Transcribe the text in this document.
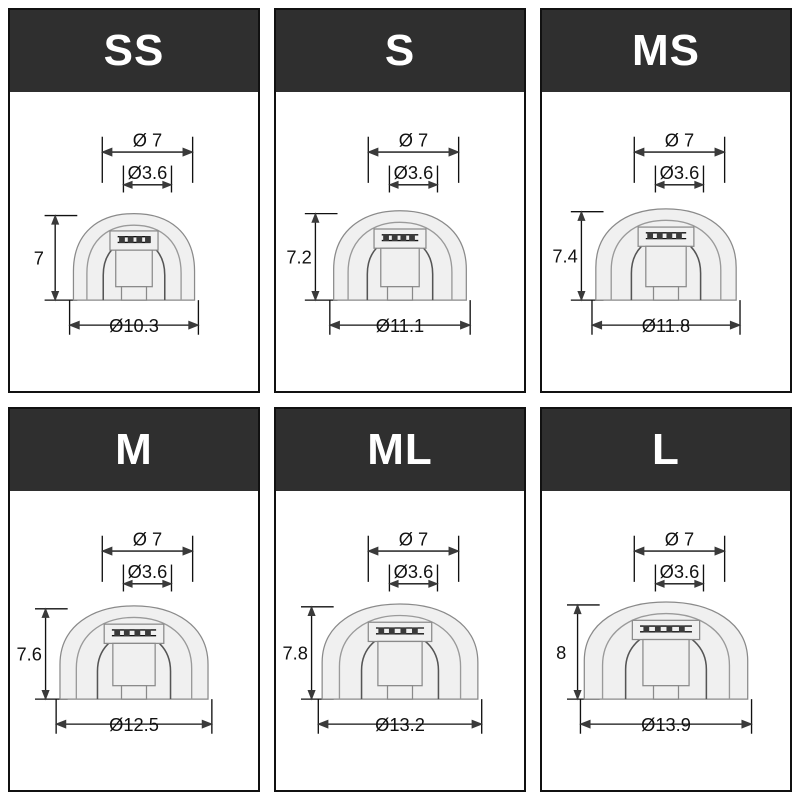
SS
Ø 7
Ø3.6
7
Ø10.3
S
Ø 7
Ø3.6
7.2
Ø11.1
MS
Ø 7
Ø3.6
7.4
Ø11.8
M
Ø 7
Ø3.6
7.6
Ø12.5
ML
Ø 7
Ø3.6
7.8
Ø13.2
L
Ø 7
Ø3.6
8
Ø13.9
